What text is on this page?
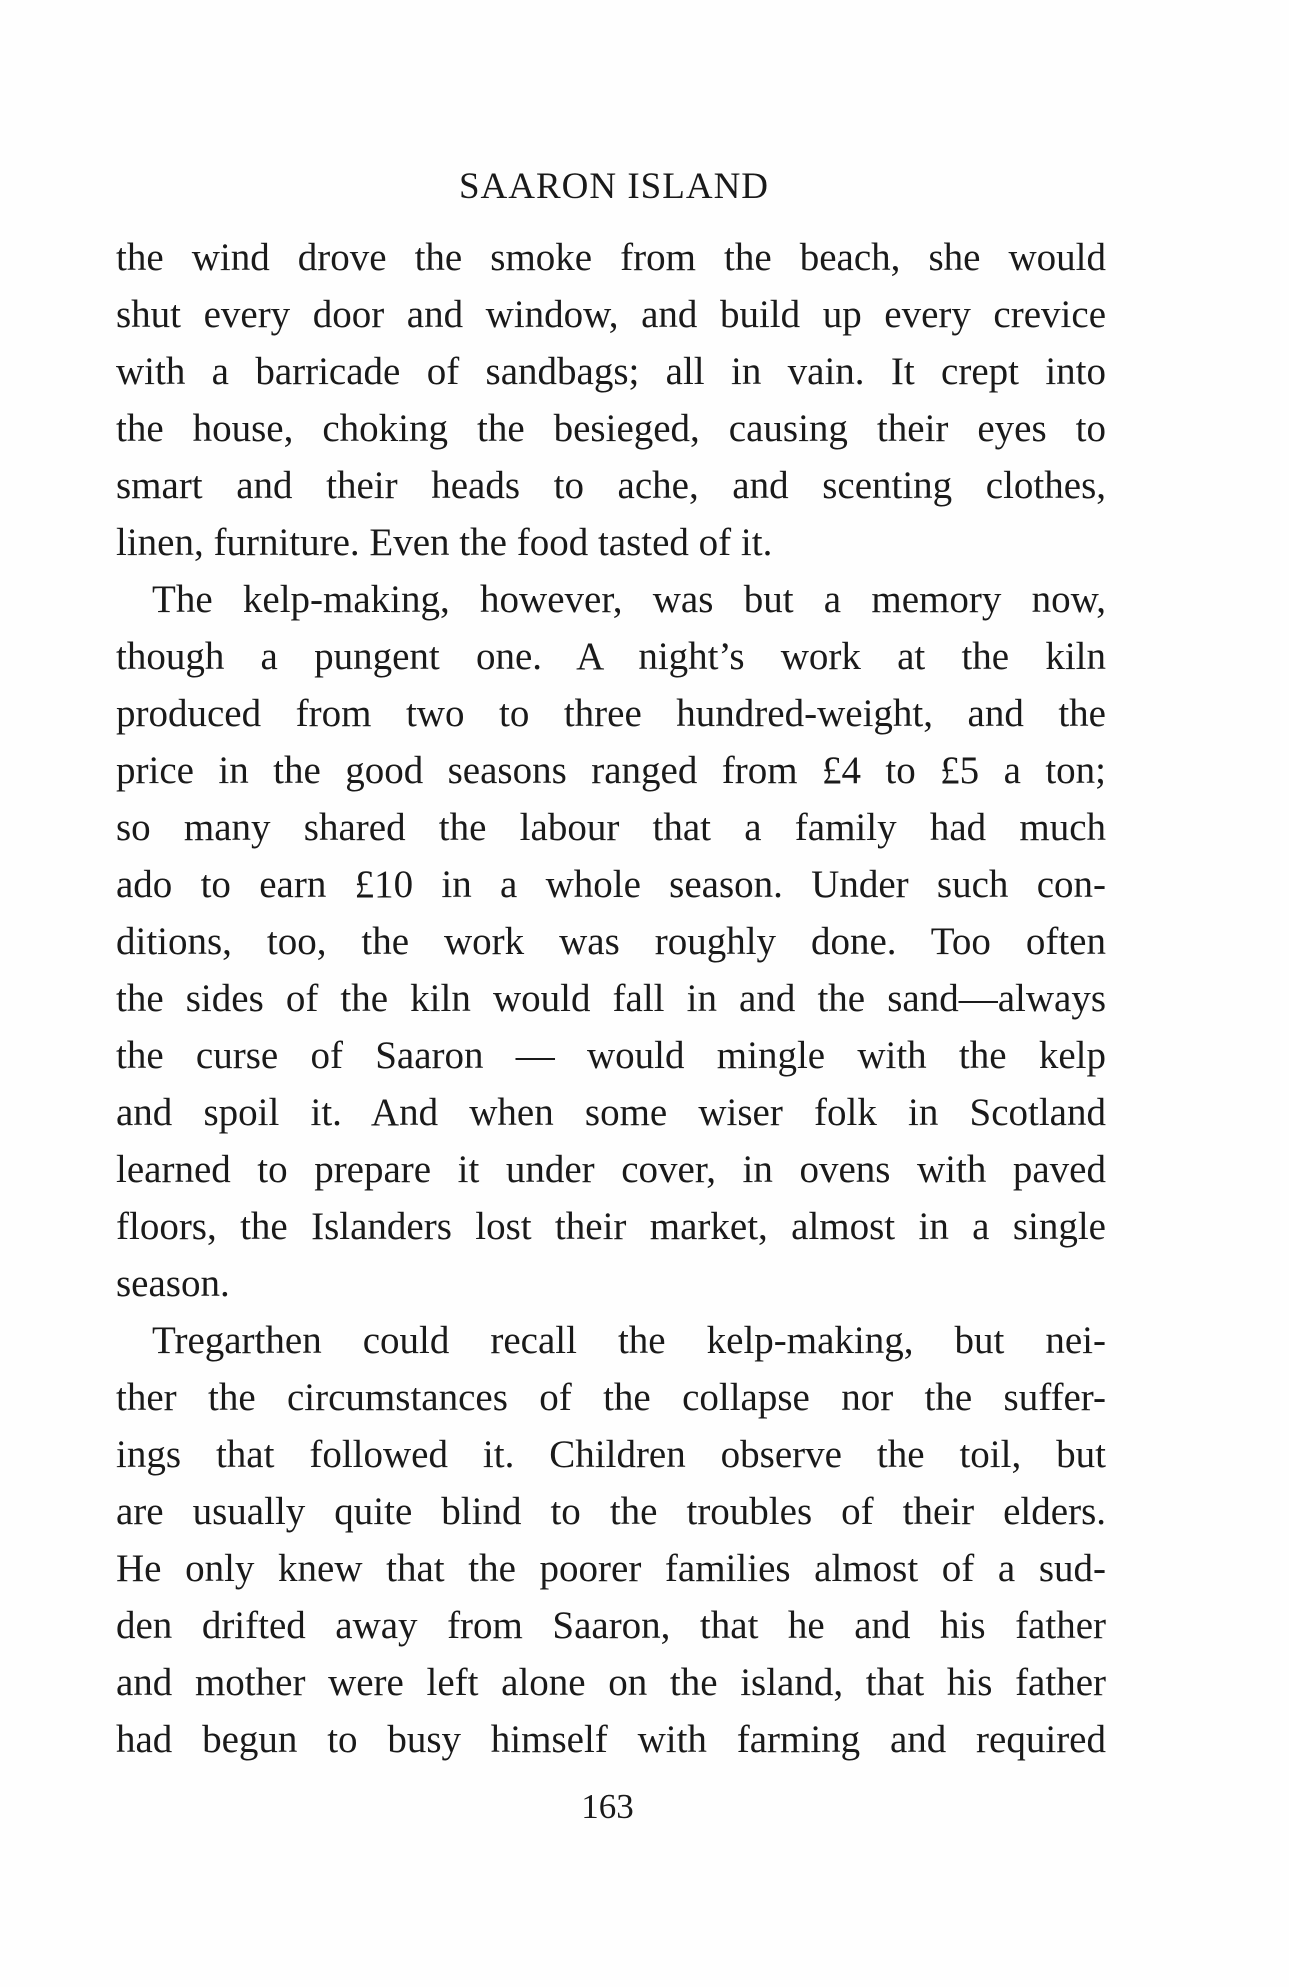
SAARON ISLAND
the wind drove the smoke from the beach, she would
shut every door and window, and build up every crevice
with a barricade of sandbags; all in vain. It crept into
the house, choking the besieged, causing their eyes to
smart and their heads to ache, and scenting clothes,
linen, furniture. Even the food tasted of it.
The kelp-making, however, was but a memory now,
though a pungent one. A night’s work at the kiln
produced from two to three hundred-weight, and the
price in the good seasons ranged from £4 to £5 a ton;
so many shared the labour that a family had much
ado to earn £10 in a whole season. Under such con-
ditions, too, the work was roughly done. Too often
the sides of the kiln would fall in and the sand—always
the curse of Saaron — would mingle with the kelp
and spoil it. And when some wiser folk in Scotland
learned to prepare it under cover, in ovens with paved
floors, the Islanders lost their market, almost in a single
season.
Tregarthen could recall the kelp-making, but nei-
ther the circumstances of the collapse nor the suffer-
ings that followed it. Children observe the toil, but
are usually quite blind to the troubles of their elders.
He only knew that the poorer families almost of a sud-
den drifted away from Saaron, that he and his father
and mother were left alone on the island, that his father
had begun to busy himself with farming and required
163
